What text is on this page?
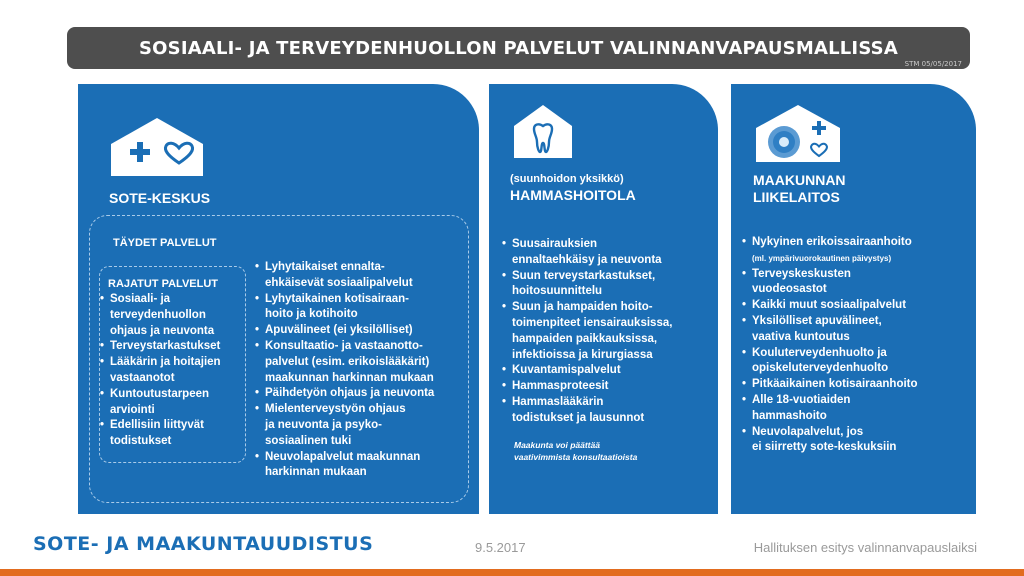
SOSIAALI- JA TERVEYDENHUOLLON PALVELUT VALINNANVAPAUSMALLISSA
STM 05/05/2017
SOTE-KESKUS
TÄYDET PALVELUT
RAJATUT PALVELUT
• Sosiaali- ja
terveydenhuollon
ohjaus ja neuvonta
• Terveystarkastukset
• Lääkärin ja hoitajien
vastaanotot
• Kuntoutustarpeen
arviointi
• Edellisiin liittyvät
todistukset
• Lyhytaikaiset ennalta-
ehkäisevät sosiaalipalvelut
• Lyhytaikainen kotisairaan-
hoito ja kotihoito
• Apuvälineet (ei yksilölliset)
• Konsultaatio- ja vastaanotto-
palvelut (esim. erikoislääkärit)
maakunnan harkinnan mukaan
• Päihdetyön ohjaus ja neuvonta
• Mielenterveystyön ohjaus
ja neuvonta ja psyko-
sosiaalinen tuki
• Neuvolapalvelut maakunnan
harkinnan mukaan
(suunhoidon yksikkö)
HAMMASHOITOLA
• Suusairauksien
ennaltaehkäisy ja neuvonta
• Suun terveystarkastukset,
hoitosuunnittelu
• Suun ja hampaiden hoito-
toimenpiteet iensairauksissa,
hampaiden paikkauksissa,
infektioissa ja kirurgiassa
• Kuvantamispalvelut
• Hammasproteesit
• Hammaslääkärin
todistukset ja lausunnot
Maakunta voi päättää
vaativimmista konsultaatioista
MAAKUNNAN
LIIKELAITOS
• Nykyinen erikoissairaanhoito
(ml. ympärivuorokautinen päivystys)
• Terveyskeskusten
vuodeosastot
• Kaikki muut sosiaalipalvelut
• Yksilölliset apuvälineet,
vaativa kuntoutus
• Kouluterveydenhuolto ja
opiskeluterveydenhuolto
• Pitkäaikainen kotisairaanhoito
• Alle 18-vuotiaiden
hammashoito
• Neuvolapalvelut, jos
ei siirretty sote-keskuksiin
SOTE- JA MAAKUNTAUUDISTUS	9.5.2017	Hallituksen esitys valinnanvapauslaiksi
